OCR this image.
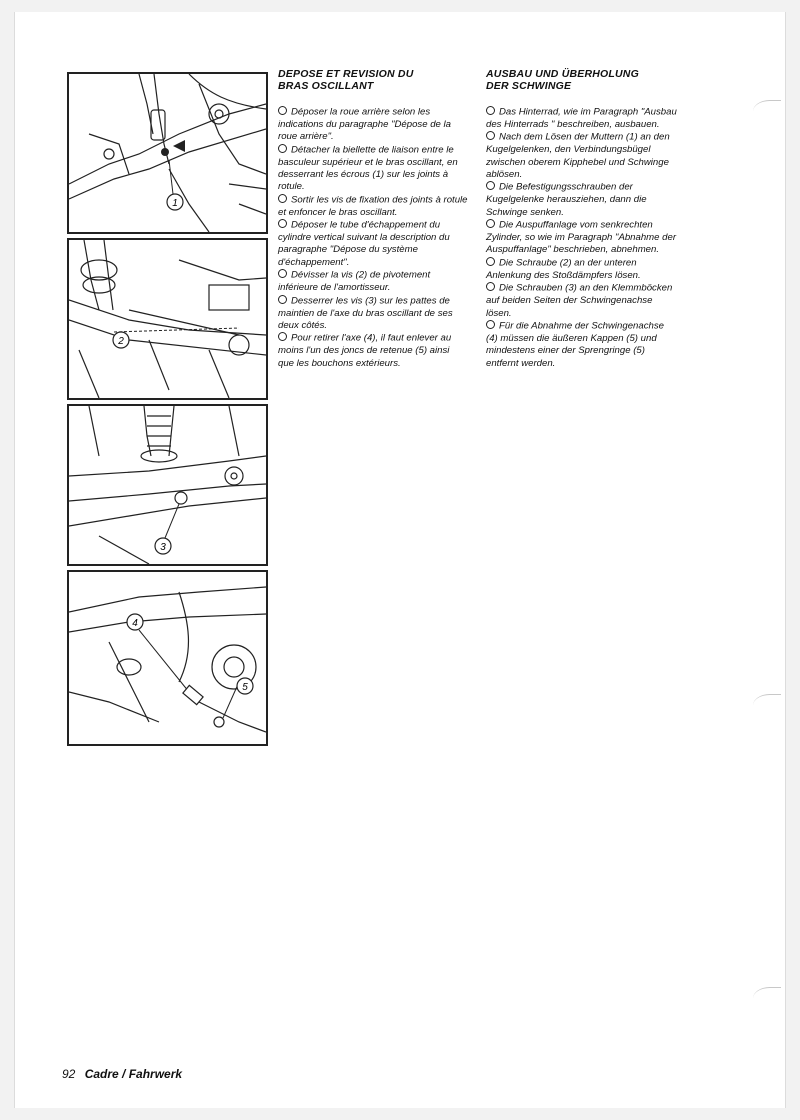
1
2
3
4
5
DEPOSE ET REVISION DU
BRAS OSCILLANT

Déposer la roue arrière selon les indications du paragraphe "Dépose de la roue arrière".

Détacher la biellette de liaison entre le basculeur supérieur et le bras oscillant, en desserrant les écrous (1) sur les joints à rotule.

Sortir les vis de fixation des joints à rotule et enfoncer le bras oscillant.

Déposer le tube d'échappement du cylindre vertical suivant la description du paragraphe "Dépose du système d'échappement".

Dévisser la vis (2) de pivotement inférieure de l'amortisseur.

Desserrer les vis (3) sur les pattes de maintien de l'axe du bras oscillant de ses deux côtés.

Pour retirer l'axe (4), il faut enlever au moins l'un des joncs de retenue (5) ainsi que les bouchons extérieurs.

AUSBAU UND ÜBERHOLUNG
DER SCHWINGE

Das Hinterrad, wie im Paragraph "Ausbau des Hinterrads " beschreiben, ausbauen.

Nach dem Lösen der Muttern (1) an den Kugelgelenken, den Verbindungsbügel zwischen oberem Kipphebel und Schwinge ablösen.

Die Befestigungsschrauben der Kugelgelenke herausziehen, dann die Schwinge senken.

Die Auspuffanlage vom senkrechten Zylinder, so wie im Paragraph "Abnahme der Auspuffanlage" beschrieben, abnehmen.

Die Schraube (2) an der unteren Anlenkung des Stoßdämpfers lösen.

Die Schrauben (3) an den Klemmböcken auf beiden Seiten der Schwingenachse lösen.

Für die Abnahme der Schwingenachse (4) müssen die äußeren Kappen (5) und mindestens einer der Sprengringe (5) entfernt werden.

92 Cadre / Fahrwerk
